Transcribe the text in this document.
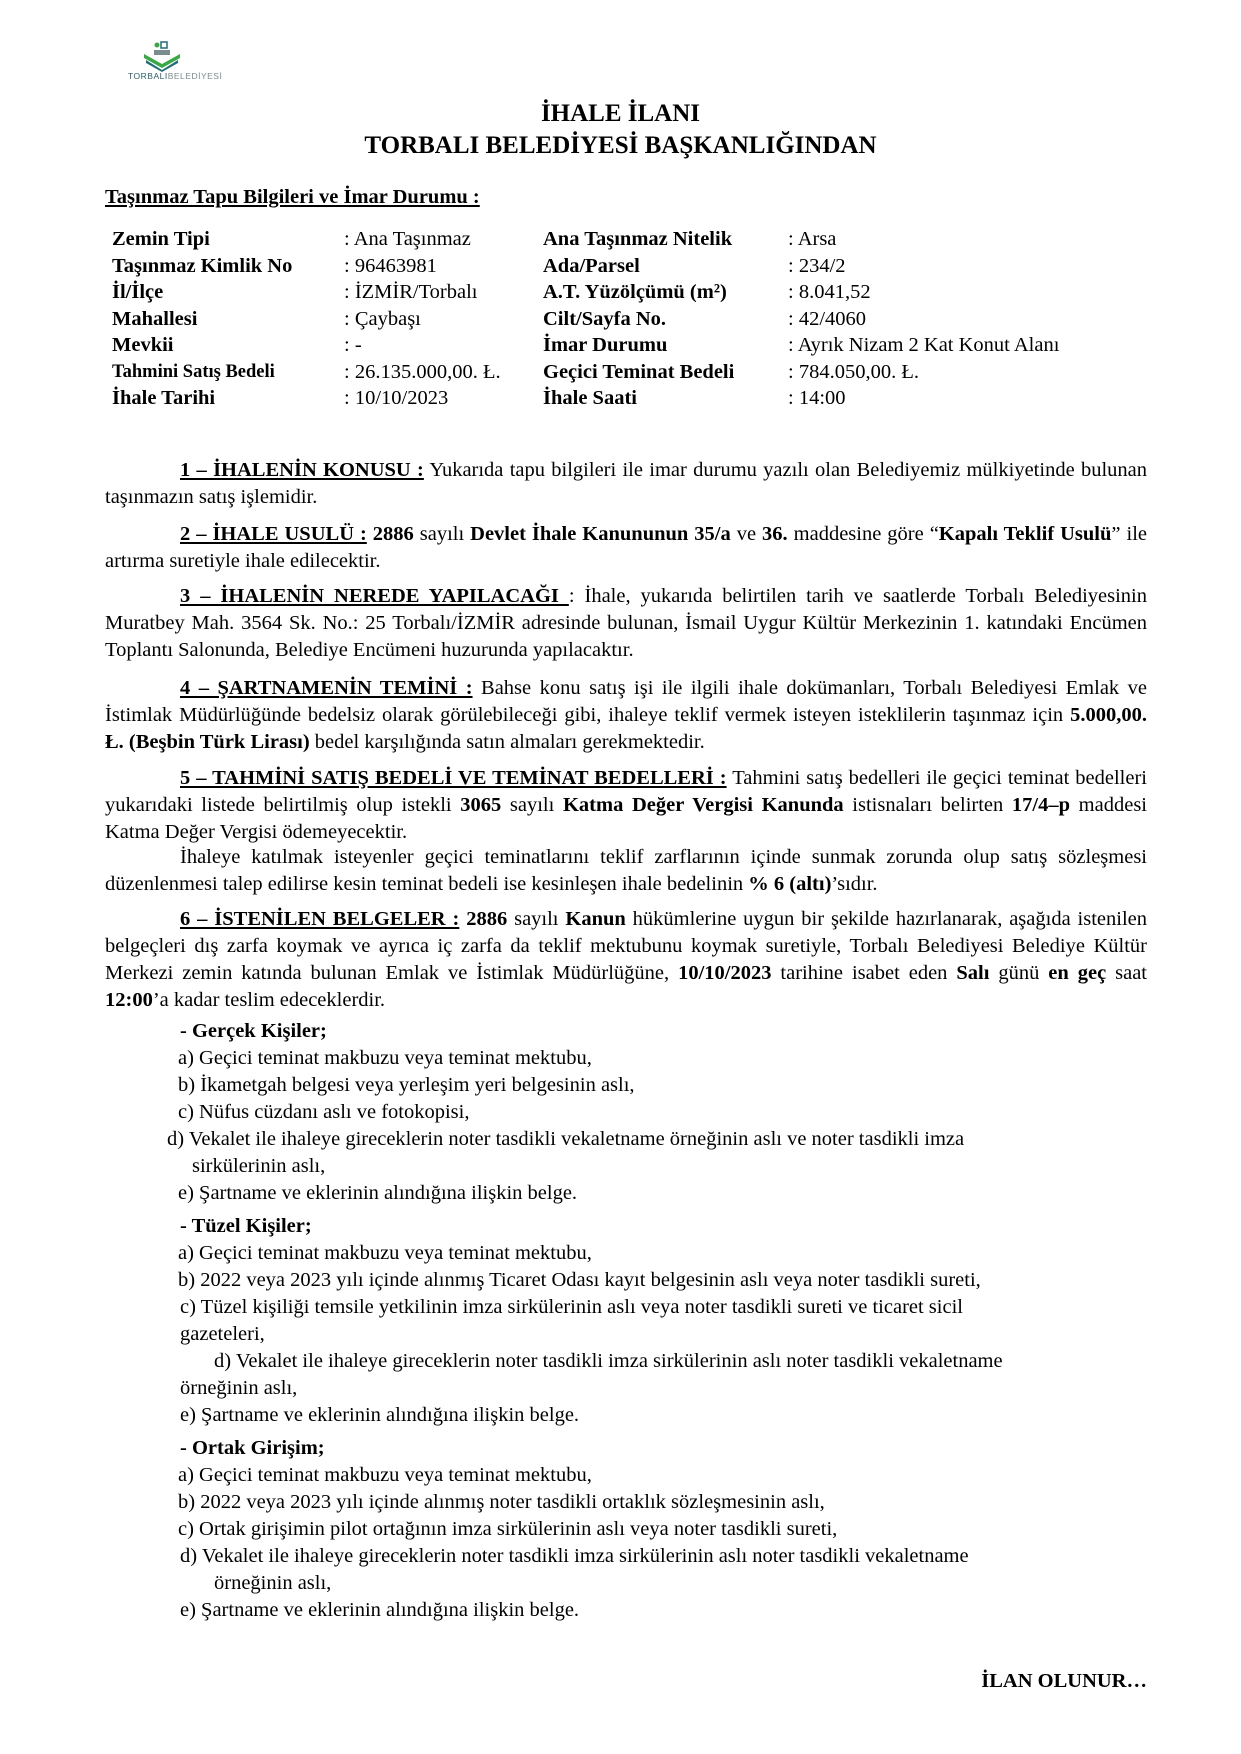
TORBALIBELEDİYESİ
İHALE İLANI
TORBALI BELEDİYESİ BAŞKANLIĞINDAN
Taşınmaz Tapu Bilgileri ve İmar Durumu :
Zemin Tipi	: Ana Taşınmaz	Ana Taşınmaz Nitelik	: Arsa
Taşınmaz Kimlik No	: 96463981	Ada/Parsel	: 234/2
İl/İlçe	: İZMİR/Torbalı	A.T. Yüzölçümü (m²)	: 8.041,52
Mahallesi	: Çaybaşı	Cilt/Sayfa No.	: 42/4060
Mevkii	: -	İmar Durumu	: Ayrık Nizam 2 Kat Konut Alanı
Tahmini Satış Bedeli	: 26.135.000,00. Ł.	Geçici Teminat Bedeli	: 784.050,00. Ł.
İhale Tarihi	: 10/10/2023	İhale Saati	: 14:00
1 – İHALENİN KONUSU : Yukarıda tapu bilgileri ile imar durumu yazılı olan Belediyemiz mülkiyetinde bulunan taşınmazın satış işlemidir.
2 – İHALE USULÜ : 2886 sayılı Devlet İhale Kanununun 35/a ve 36. maddesine göre “Kapalı Teklif Usulü” ile artırma suretiyle ihale edilecektir.
3 – İHALENİN NEREDE YAPILACAĞI : İhale, yukarıda belirtilen tarih ve saatlerde Torbalı Belediyesinin Muratbey Mah. 3564 Sk. No.: 25 Torbalı/İZMİR adresinde bulunan, İsmail Uygur Kültür Merkezinin 1. katındaki Encümen Toplantı Salonunda, Belediye Encümeni huzurunda yapılacaktır.
4 – ŞARTNAMENİN TEMİNİ : Bahse konu satış işi ile ilgili ihale dokümanları, Torbalı Belediyesi Emlak ve İstimlak Müdürlüğünde bedelsiz olarak görülebileceği gibi, ihaleye teklif vermek isteyen isteklilerin taşınmaz için 5.000,00. Ł. (Beşbin Türk Lirası) bedel karşılığında satın almaları gerekmektedir.
5 – TAHMİNİ SATIŞ BEDELİ VE TEMİNAT BEDELLERİ : Tahmini satış bedelleri ile geçici teminat bedelleri yukarıdaki listede belirtilmiş olup istekli 3065 sayılı Katma Değer Vergisi Kanunda istisnaları belirten 17/4–p maddesi Katma Değer Vergisi ödemeyecektir.
İhaleye katılmak isteyenler geçici teminatlarını teklif zarflarının içinde sunmak zorunda olup satış sözleşmesi düzenlenmesi talep edilirse kesin teminat bedeli ise kesinleşen ihale bedelinin % 6 (altı)’sıdır.
6 – İSTENİLEN BELGELER : 2886 sayılı Kanun hükümlerine uygun bir şekilde hazırlanarak, aşağıda istenilen belgeçleri dış zarfa koymak ve ayrıca iç zarfa da teklif mektubunu koymak suretiyle, Torbalı Belediyesi Belediye Kültür Merkezi zemin katında bulunan Emlak ve İstimlak Müdürlüğüne, 10/10/2023 tarihine isabet eden Salı günü en geç saat 12:00’a kadar teslim edeceklerdir.
- Gerçek Kişiler;
a) Geçici teminat makbuzu veya teminat mektubu,
b) İkametgah belgesi veya yerleşim yeri belgesinin aslı,
c) Nüfus cüzdanı aslı ve fotokopisi,
d) Vekalet ile ihaleye gireceklerin noter tasdikli vekaletname örneğinin aslı ve noter tasdikli imza
sirkülerinin aslı,
e) Şartname ve eklerinin alındığına ilişkin belge.
- Tüzel Kişiler;
a) Geçici teminat makbuzu veya teminat mektubu,
b) 2022 veya 2023 yılı içinde alınmış Ticaret Odası kayıt belgesinin aslı veya noter tasdikli sureti,
c) Tüzel kişiliği temsile yetkilinin imza sirkülerinin aslı veya noter tasdikli sureti ve ticaret sicil
gazeteleri,
d) Vekalet ile ihaleye gireceklerin noter tasdikli imza sirkülerinin aslı noter tasdikli vekaletname
örneğinin aslı,
e) Şartname ve eklerinin alındığına ilişkin belge.
- Ortak Girişim;
a) Geçici teminat makbuzu veya teminat mektubu,
b) 2022 veya 2023 yılı içinde alınmış noter tasdikli ortaklık sözleşmesinin aslı,
c) Ortak girişimin pilot ortağının imza sirkülerinin aslı veya noter tasdikli sureti,
d) Vekalet ile ihaleye gireceklerin noter tasdikli imza sirkülerinin aslı noter tasdikli vekaletname
örneğinin aslı,
e) Şartname ve eklerinin alındığına ilişkin belge.
İLAN OLUNUR…
